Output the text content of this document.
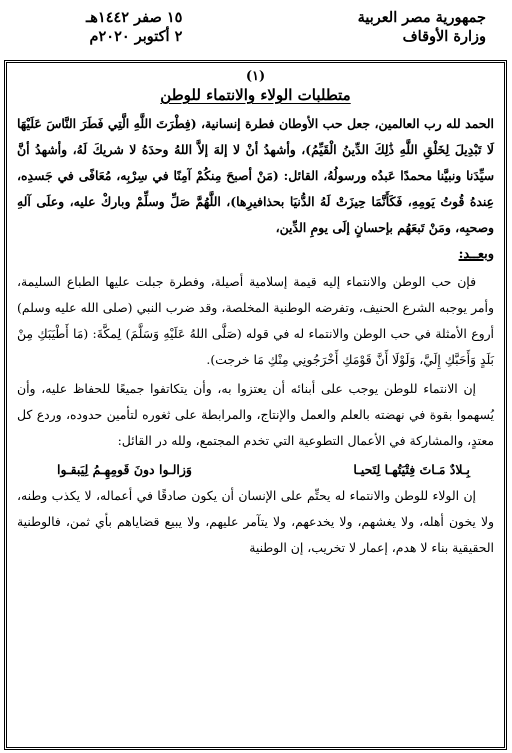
جمهورية مصر العربية
وزارة الأوقاف
١٥ صفر ١٤٤٢هـ
٢ أكتوبر ٢٠٢٠م
(١)
متطلبات الولاء والانتماء للوطن

الحمد لله رب العالمين، جعل حب الأوطان فطرة إنسانية، (فِطْرَتَ اللَّهِ الَّتِي فَطَرَ النَّاسَ عَلَيْهَا لَا تَبْدِيلَ لِخَلْقِ اللَّهِ ذَٰلِكَ الدِّينُ الْقَيِّمُ)، وأشهدُ أنْ لا إلهَ إلاَّ اللهُ وحدَهُ لا شريكَ لَهُ، وأشهدُ أنَّ سيِّدَنا ونبيَّنا محمدًا عَبدُه ورسولُهُ، القائل: (مَنْ أصبحَ مِنكُمْ آمِنًا في سِرْبِه، مُعَافًى في جَسدِه، عِندهُ قُوتُ يَومِهِ، فَكَأَنَّمَا حِيزَتْ لَهُ الدُّنيَا بحذافيرِها)، اللَّهُمَّ صَلِّ وسلِّمْ وباركْ عليه، وعلَى آلهِ وصحبِه، ومَنْ تَبعَهُم بإحسانٍ إلَى يومِ الدِّين،

وبعــد:

فإن حب الوطن والانتماء إليه قيمة إسلامية أصيلة، وفطرة جبلت عليها الطباع السليمة، وأمر يوجبه الشرع الحنيف، وتفرضه الوطنية المخلصة، وقد ضرب النبي (صلى الله عليه وسلم) أروع الأمثلة في حب الوطن والانتماء له في قوله (صَلَّى اللهُ عَلَيْهِ وَسَلَّمَ) لِمكَّةَ: (مَا أَطْيَبَكِ مِنْ بَلَدٍ وَأَحَبَّكِ إِلَيَّ، وَلَوْلَا أَنَّ قَوْمَكِ أَخْرَجُونِي مِنْكِ مَا خرجت).

إن الانتماء للوطن يوجب على أبنائه أن يعتزوا به، وأن يتكاتفوا جميعًا للحفاظ عليه، وأن يُسهموا بقوة في نهضته بالعلم والعمل والإنتاج، والمرابطة على ثغوره لتأمين حدوده، وردع كل معتدٍ، والمشاركة في الأعمال التطوعية التي تخدم المجتمع، ولله در القائل:

بِـلادٌ مَـاتَ فِتْيَتُهـا لِتَحيـا
وَزالـوا دونَ قَومِهِـمُ لِيَبقـوا

إن الولاء للوطن والانتماء له يحتِّم على الإنسان أن يكون صادقًا في أعماله، لا يكذب وطنه، ولا يخون أهله، ولا يغشهم، ولا يخدعهم، ولا يتآمر عليهم، ولا يبيع قضاياهم بأي ثمن، فالوطنية الحقيقية بناء لا هدم، إعمار لا تخريب، إن الوطنية
